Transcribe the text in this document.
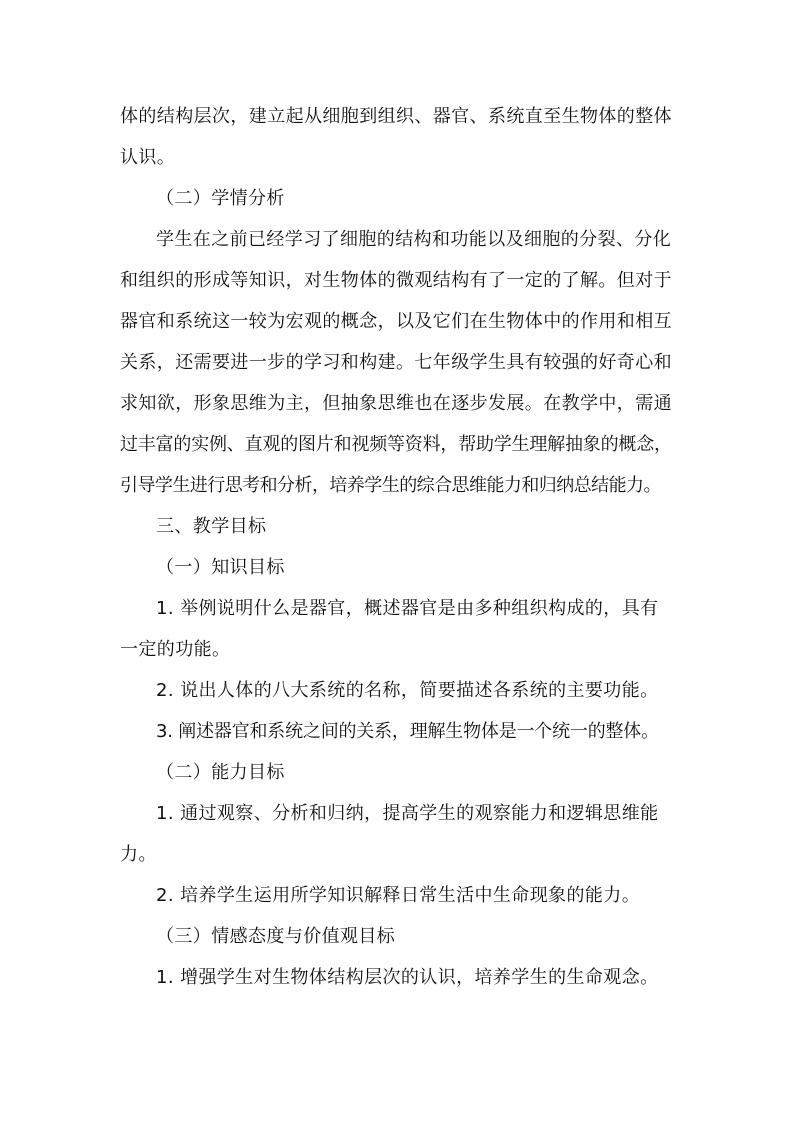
体的结构层次，建立起从细胞到组织、器官、系统直至生物体的整体
认识。
（二）学情分析
学生在之前已经学习了细胞的结构和功能以及细胞的分裂、分化
和组织的形成等知识，对生物体的微观结构有了一定的了解。但对于
器官和系统这一较为宏观的概念，以及它们在生物体中的作用和相互
关系，还需要进一步的学习和构建。七年级学生具有较强的好奇心和
求知欲，形象思维为主，但抽象思维也在逐步发展。在教学中，需通
过丰富的实例、直观的图片和视频等资料，帮助学生理解抽象的概念，
引导学生进行思考和分析，培养学生的综合思维能力和归纳总结能力。
三、教学目标
（一）知识目标
1. 举例说明什么是器官，概述器官是由多种组织构成的，具有
一定的功能。
2. 说出人体的八大系统的名称，简要描述各系统的主要功能。
3. 阐述器官和系统之间的关系，理解生物体是一个统一的整体。
（二）能力目标
1. 通过观察、分析和归纳，提高学生的观察能力和逻辑思维能
力。
2. 培养学生运用所学知识解释日常生活中生命现象的能力。
（三）情感态度与价值观目标
1. 增强学生对生物体结构层次的认识，培养学生的生命观念。
